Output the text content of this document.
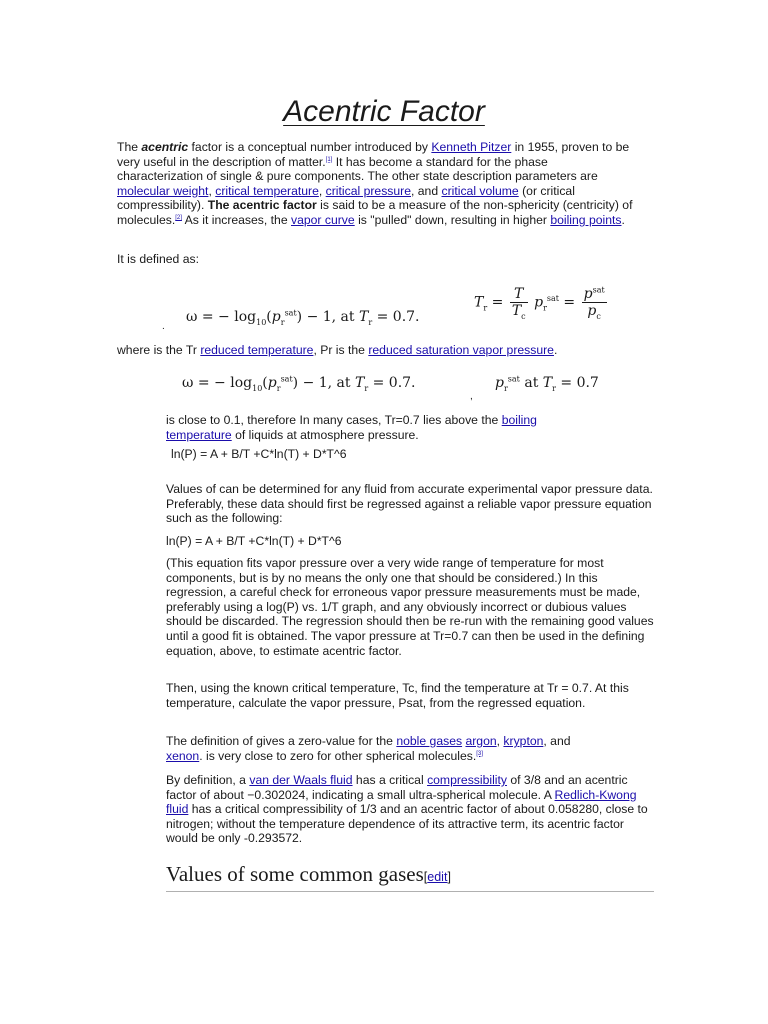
Acentric Factor

The acentric factor is a conceptual number introduced by Kenneth Pitzer in 1955, proven to be very useful in the description of matter.[1] It has become a standard for the phase characterization of single & pure components. The other state description parameters are molecular weight, critical temperature, critical pressure, and critical volume (or critical compressibility). The acentric factor is said to be a measure of the non-sphericity (centricity) of molecules.[2] As it increases, the vapor curve is "pulled" down, resulting in higher boiling points.

It is defined as:

ω = − $\log_{10}(p_r^{sat}) - 1$, at $T_r = 0.7$.
.
$T_r = \frac{T}{T_c} p_r^{sat} = \frac{p^{sat}}{p_c}$

where is the Tr reduced temperature, Pr is the reduced saturation vapor pressure.

ω = − $\log_{10}(p_r^{sat}) - 1$, at $T_r = 0.7$.	$p_r^{sat}$ at $T_r = 0.7$
,

is close to 0.1, therefore In many cases, Tr=0.7 lies above the boiling temperature of liquids at atmosphere pressure.

ln(P) = A + B/T +C*ln(T) + D*T^6

Values of can be determined for any fluid from accurate experimental vapor pressure data. Preferably, these data should first be regressed against a reliable vapor pressure equation such as the following:

ln(P) = A + B/T +C*ln(T) + D*T^6

(This equation fits vapor pressure over a very wide range of temperature for most components, but is by no means the only one that should be considered.) In this regression, a careful check for erroneous vapor pressure measurements must be made, preferably using a log(P) vs. 1/T graph, and any obviously incorrect or dubious values should be discarded. The regression should then be re-run with the remaining good values until a good fit is obtained. The vapor pressure at Tr=0.7 can then be used in the defining equation, above, to estimate acentric factor.

Then, using the known critical temperature, Tc, find the temperature at Tr = 0.7. At this temperature, calculate the vapor pressure, Psat, from the regressed equation.

The definition of gives a zero-value for the noble gases argon, krypton, and xenon. is very close to zero for other spherical molecules.[3]

By definition, a van der Waals fluid has a critical compressibility of 3/8 and an acentric factor of about −0.302024, indicating a small ultra-spherical molecule. A Redlich-Kwong fluid has a critical compressibility of 1/3 and an acentric factor of about 0.058280, close to nitrogen; without the temperature dependence of its attractive term, its acentric factor would be only -0.293572.

Values of some common gases[edit]
